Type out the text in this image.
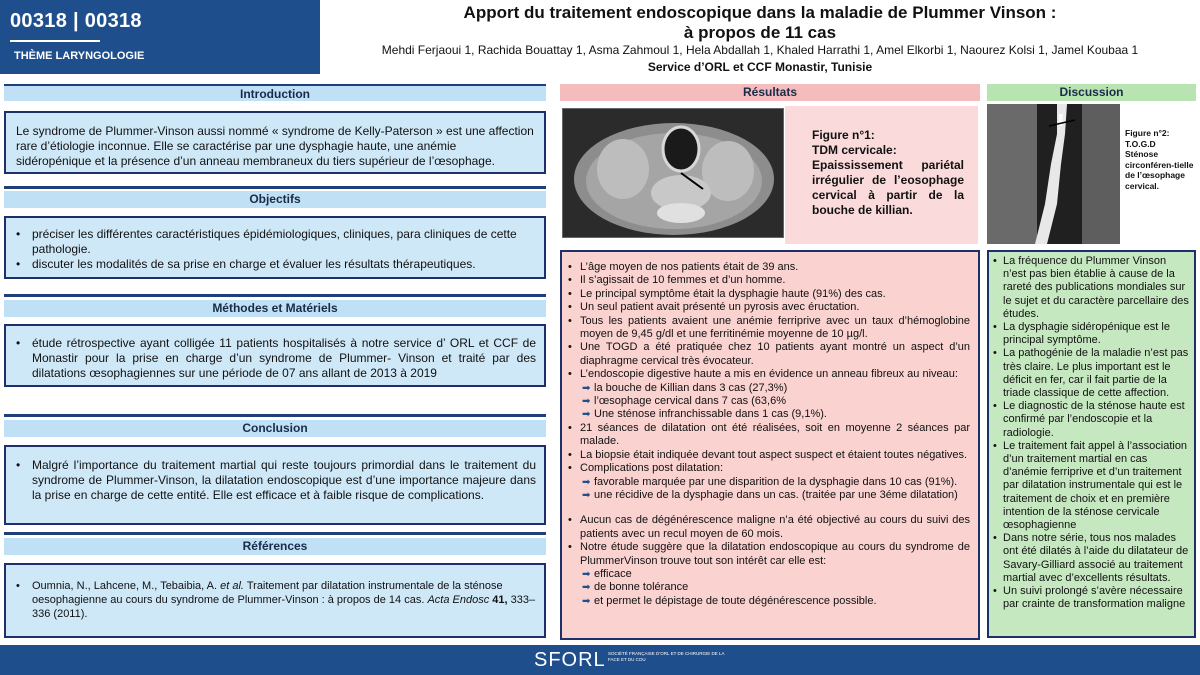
00318 | 00318
THÈME LARYNGOLOGIE
Apport du traitement endoscopique dans la maladie de Plummer Vinson :
à propos de 11 cas
Mehdi Ferjaoui 1, Rachida Bouattay 1, Asma Zahmoul 1, Hela Abdallah 1, Khaled Harrathi 1, Amel Elkorbi 1, Naourez Kolsi 1, Jamel Koubaa 1
Service d’ORL et CCF Monastir, Tunisie
Introduction

Le syndrome de Plummer-Vinson aussi nommé « syndrome de Kelly-Paterson » est une affection rare d’étiologie inconnue. Elle se caractérise par une dysphagie haute, une anémie sidéropénique et la présence d’un anneau membraneux du tiers supérieur de l’œsophage.

Objectifs
• préciser les différentes caractéristiques épidémiologiques, cliniques, para cliniques de cette pathologie.
• discuter les modalités de sa prise en charge et évaluer les résultats thérapeutiques.
Méthodes et Matériels
• étude rétrospective ayant colligée 11 patients hospitalisés à notre service d’ ORL et CCF de Monastir pour la prise en charge d’un syndrome de Plummer- Vinson et traité par des dilatations œsophagiennes sur une période de 07 ans allant de 2013 à 2019
Conclusion
• Malgré l’importance du traitement martial qui reste toujours primordial dans le traitement du syndrome de Plummer-Vinson, la dilatation endoscopique est d’une importance majeure dans la prise en charge de cette entité. Elle est efficace et à faible risque de complications.
Références
• Oumnia, N., Lahcene, M., Tebaibia, A. et al. Traitement par dilatation instrumentale de la sténose oesophagienne au cours du syndrome de Plummer-Vinson : à propos de 14 cas. Acta Endosc 41, 333–336 (2011).
Résultats
Figure n°1:
TDM cervicale:
Epaississement pariétal irrégulier de l’eosophage cervical à partir de la bouche de killian.
• L’âge moyen de nos patients était de 39 ans.
• Il s’agissait de 10 femmes et d’un homme.
• Le principal symptôme était la dysphagie haute (91%) des cas.
• Un seul patient avait présenté un pyrosis avec éructation.
• Tous les patients avaient une anémie ferriprive avec un taux d’hémoglobine moyen de 9,45 g/dl et une ferritinémie moyenne de 10 µg/l.
• Une TOGD a été pratiquée chez 10 patients ayant montré un aspect d’un diaphragme cervical très évocateur.
• L’endoscopie digestive haute a mis en évidence un anneau fibreux au niveau:
➡ la bouche de Killian dans 3 cas (27,3%)
➡ l’œsophage cervical dans 7 cas (63,6%
➡ Une sténose infranchissable dans 1 cas (9,1%).
• 21 séances de dilatation ont été réalisées, soit en moyenne 2 séances par malade.
• La biopsie était indiquée devant tout aspect suspect et étaient toutes négatives.
• Complications post dilatation:
➡ favorable marquée par une disparition de la dysphagie dans 10 cas (91%).
➡ une récidive de la dysphagie dans un cas. (traitée par une 3éme dilatation)
• Aucun cas de dégénérescence maligne n’a été objectivé au cours du suivi des patients avec un recul moyen de 60 mois.
• Notre étude suggère que la dilatation endoscopique au cours du syndrome de PlummerVinson trouve tout son intérêt car elle est:
➡ efficace
➡ de bonne tolérance
➡ et permet le dépistage de toute dégénérescence possible.
Discussion
Figure n°2:
T.O.G.D
Sténose circonféren-tielle de l’œsophage cervical.
• La fréquence du Plummer Vinson n’est pas bien établie à cause de la rareté des publications mondiales sur le sujet et du caractère parcellaire des études.
• La dysphagie sidéropénique est le principal symptôme.
• La pathogénie de la maladie n’est pas très claire. Le plus important est le déficit en fer, car il fait partie de la triade classique de cette affection.
• Le diagnostic de la sténose haute est confirmé par l’endoscopie et la radiologie.
• Le traitement fait appel à l’association d’un traitement martial en cas d’anémie ferriprive et d’un traitement par dilatation instrumentale qui est le traitement de choix et en première intention de la sténose cervicale œsophagienne
• Dans notre série, tous nos malades ont été dilatés à l’aide du dilatateur de Savary-Gilliard associé au traitement martial avec d’excellents résultats.
• Un suivi prolongé s’avère nécessaire par crainte de transformation maligne
SFORL SOCIÉTÉ FRANÇAISE D’ORL ET DE CHIRURGIE DE LA FACE ET DU COU
